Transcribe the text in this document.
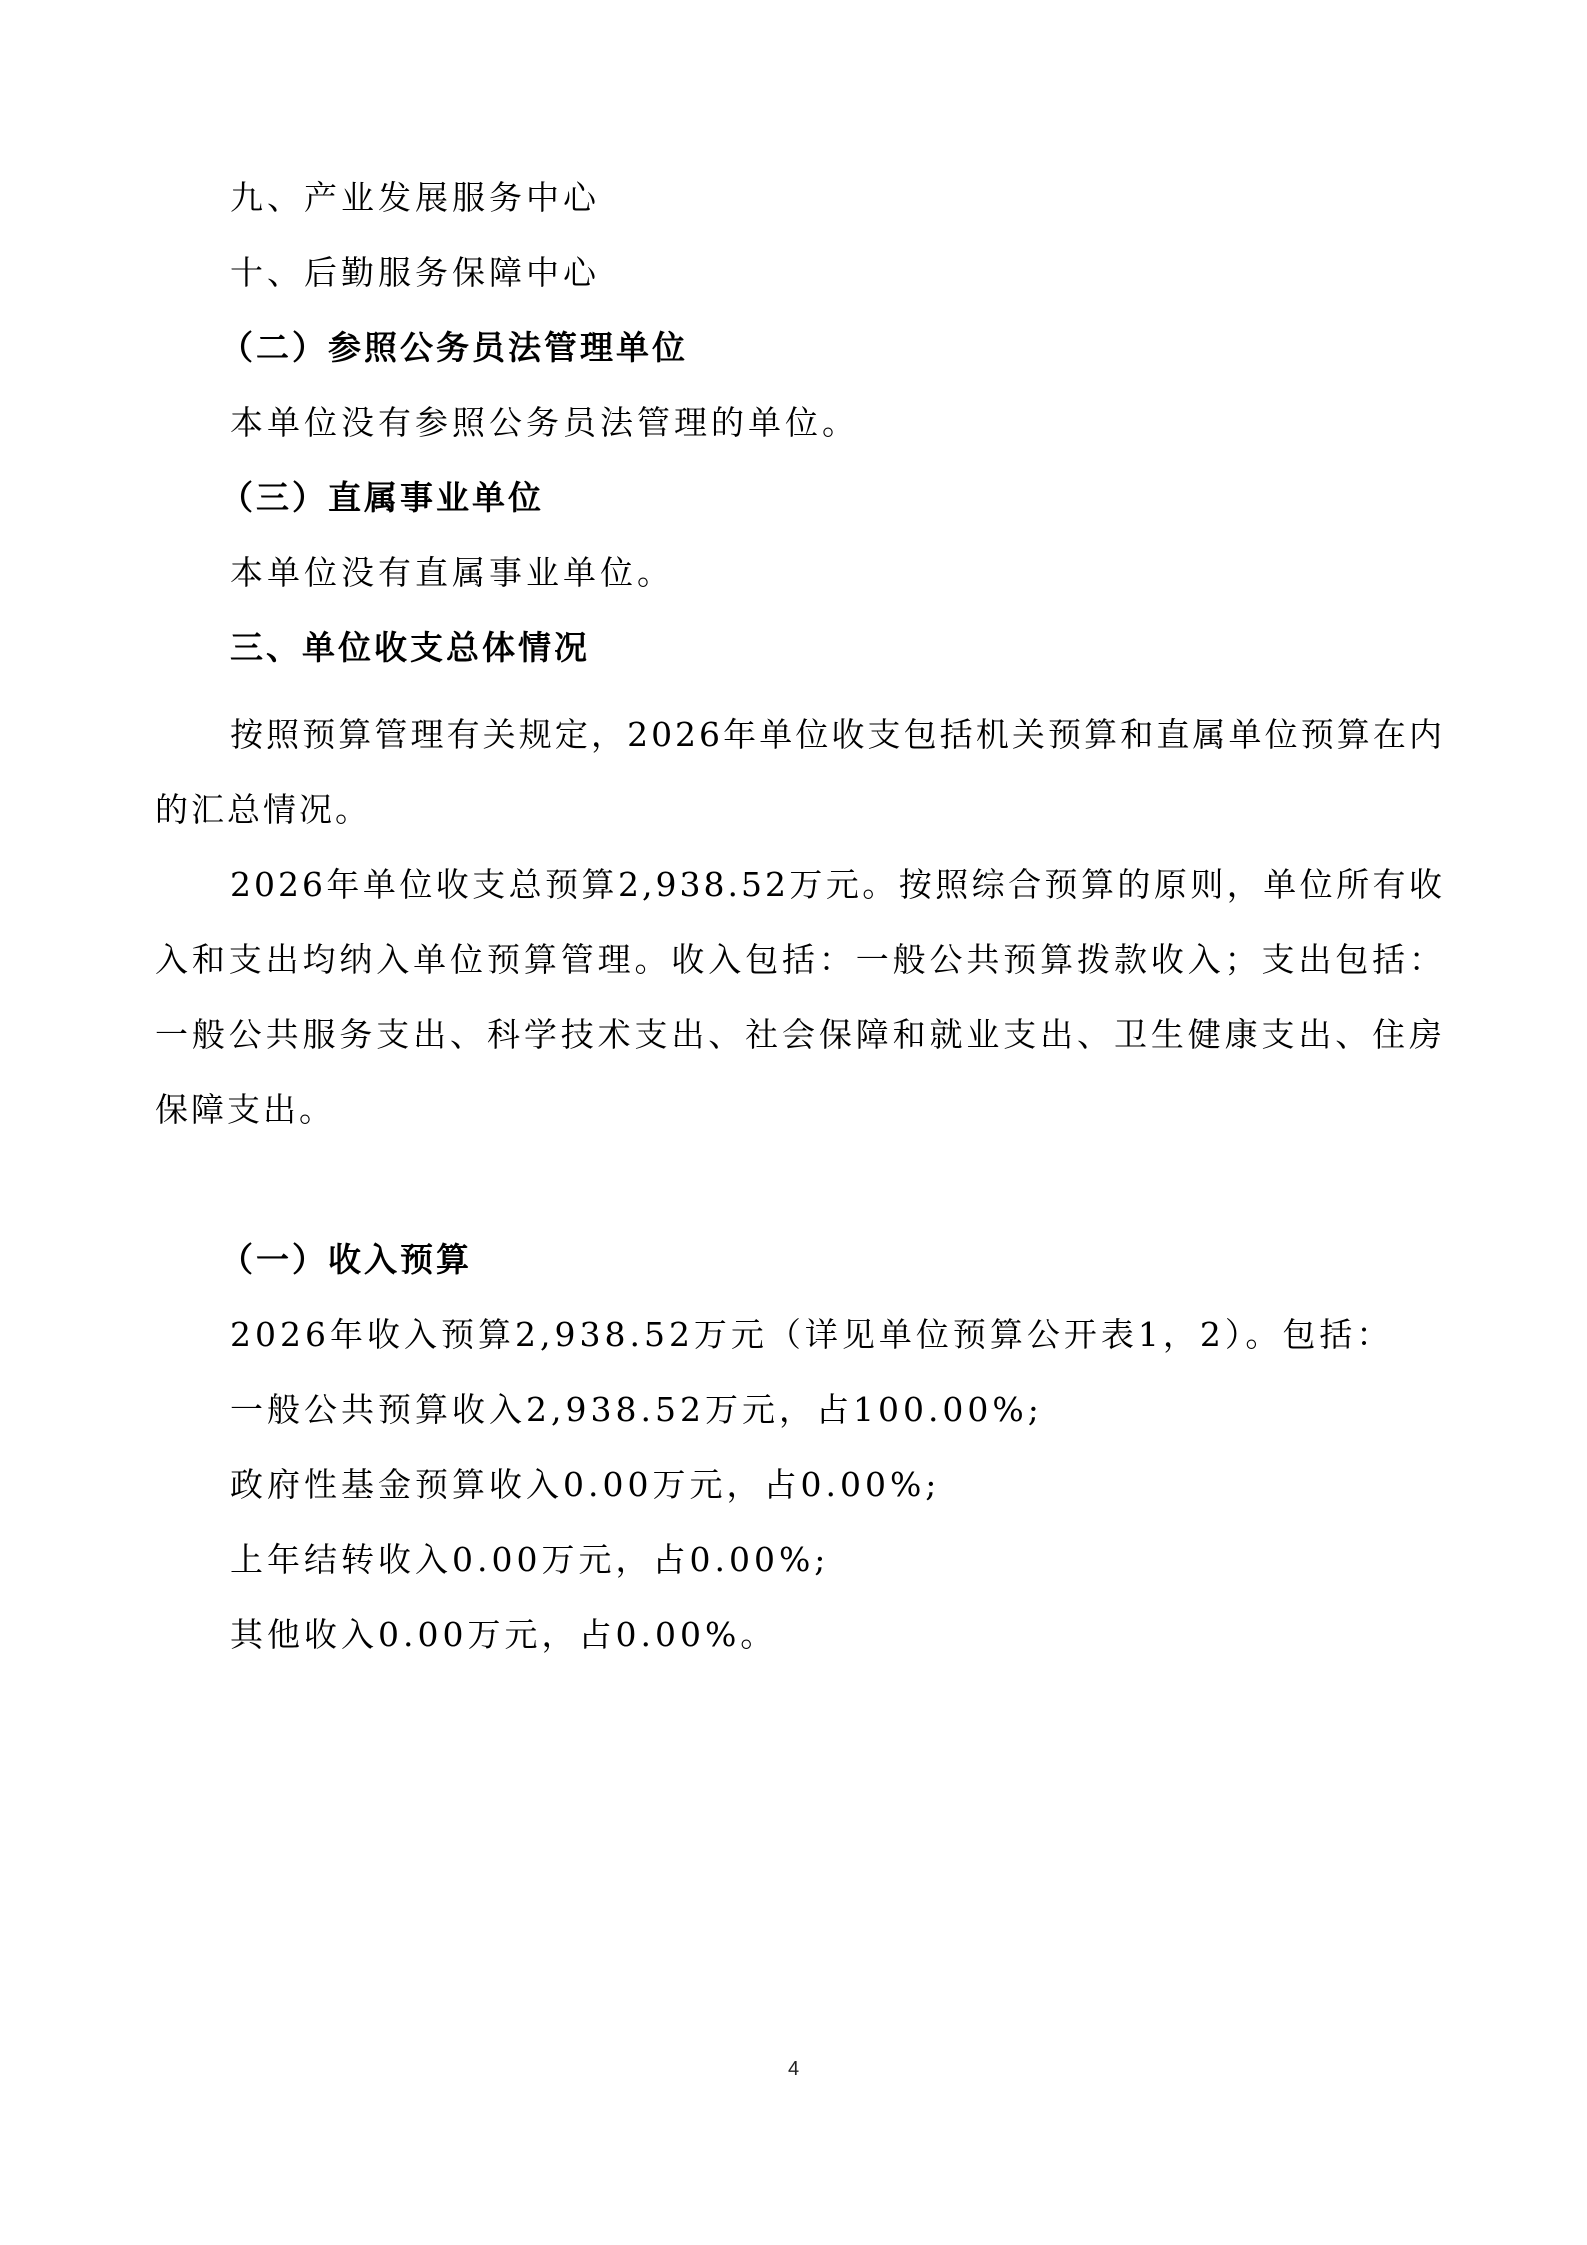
九、产业发展服务中心
十、后勤服务保障中心
（二）参照公务员法管理单位
本单位没有参照公务员法管理的单位。
（三）直属事业单位
本单位没有直属事业单位。
三、单位收支总体情况

按照预算管理有关规定，2026年单位收支包括机关预算和直属单位预算在内的汇总情况。

2026年单位收支总预算2,938.52万元。按照综合预算的原则，单位所有收入和支出均纳入单位预算管理。收入包括：一般公共预算拨款收入；支出包括：一般公共服务支出、科学技术支出、社会保障和就业支出、卫生健康支出、住房保障支出。

（一）收入预算
2026年收入预算2,938.52万元（详见单位预算公开表1，2）。包括：
一般公共预算收入2,938.52万元，占100.00%;
政府性基金预算收入0.00万元，占0.00%;
上年结转收入0.00万元，占0.00%;
其他收入0.00万元，占0.00%。
4
